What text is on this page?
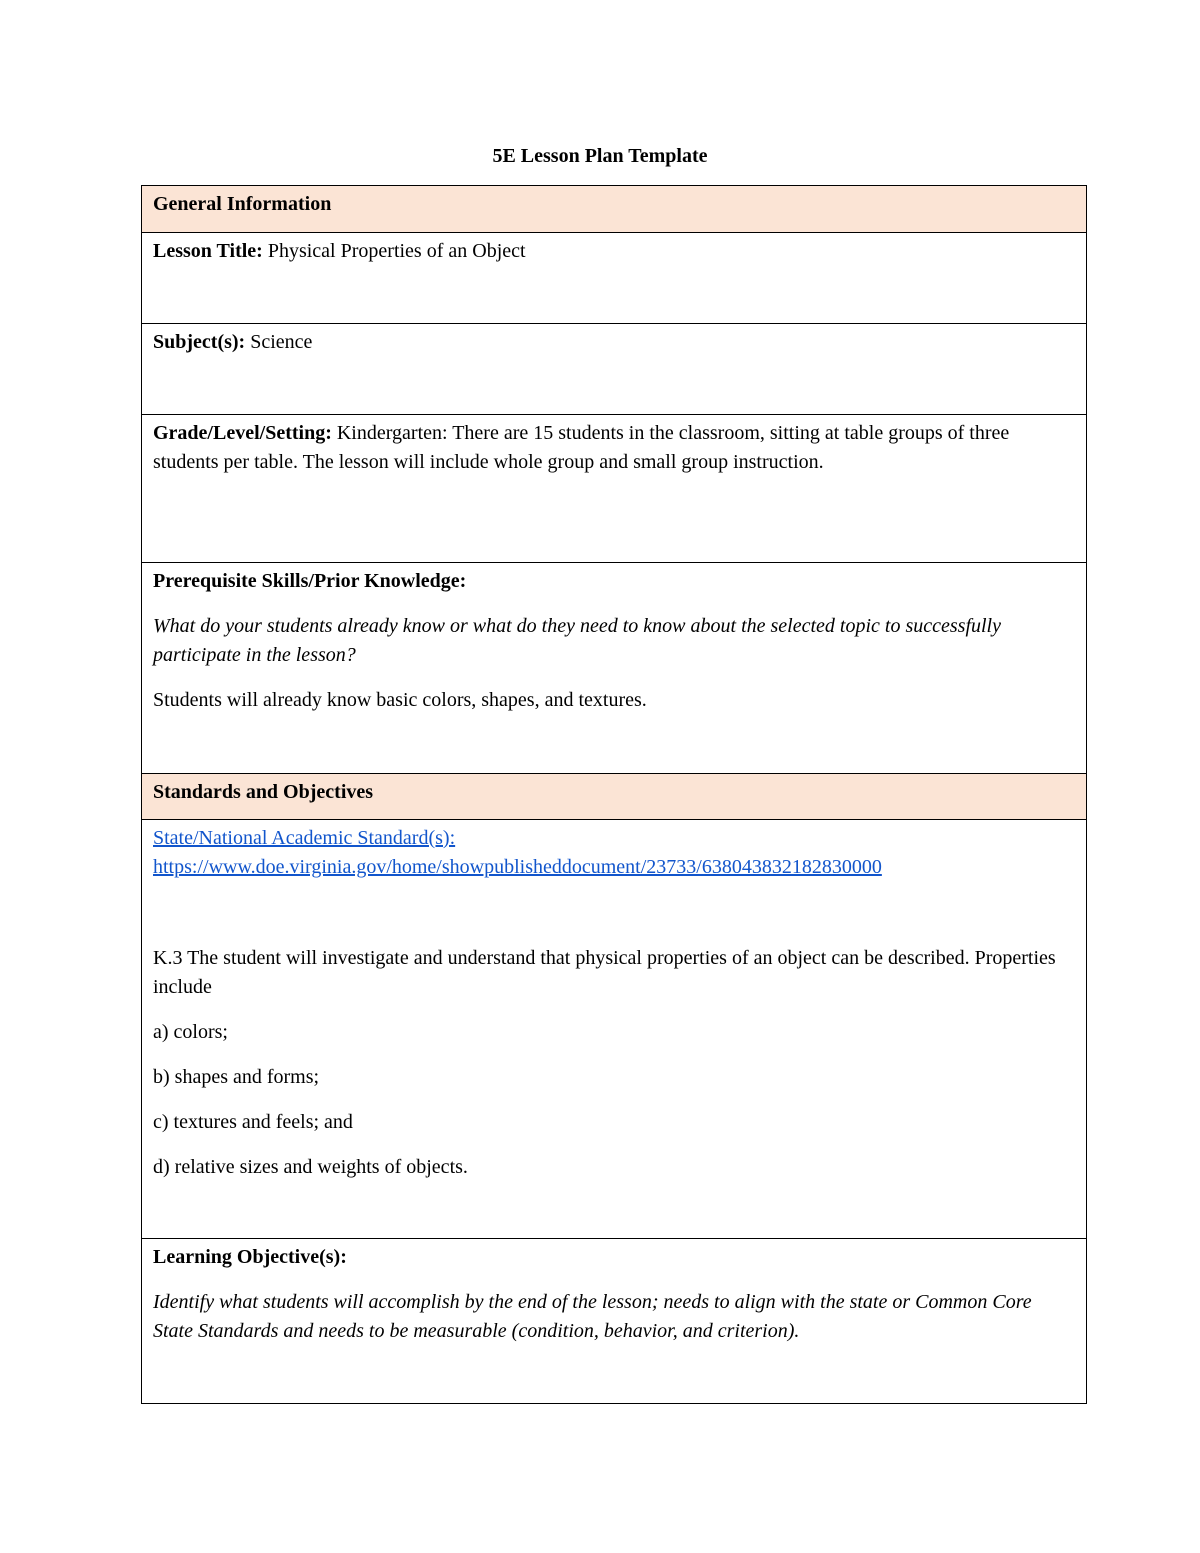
5E Lesson Plan Template
General Information
Lesson Title: Physical Properties of an Object
Subject(s): Science
Grade/Level/Setting: Kindergarten: There are 15 students in the classroom, sitting at table groups of three students per table. The lesson will include whole group and small group instruction.

Prerequisite Skills/Prior Knowledge:

What do your students already know or what do they need to know about the selected topic to successfully participate in the lesson?

Students will already know basic colors, shapes, and textures.

Standards and Objectives

State/National Academic Standard(s):
https://www.doe.virginia.gov/home/showpublisheddocument/23733/638043832182830000

K.3 The student will investigate and understand that physical properties of an object can be described. Properties include

a) colors;

b) shapes and forms;

c) textures and feels; and

d) relative sizes and weights of objects.

Learning Objective(s):

Identify what students will accomplish by the end of the lesson; needs to align with the state or Common Core State Standards and needs to be measurable (condition, behavior, and criterion).
